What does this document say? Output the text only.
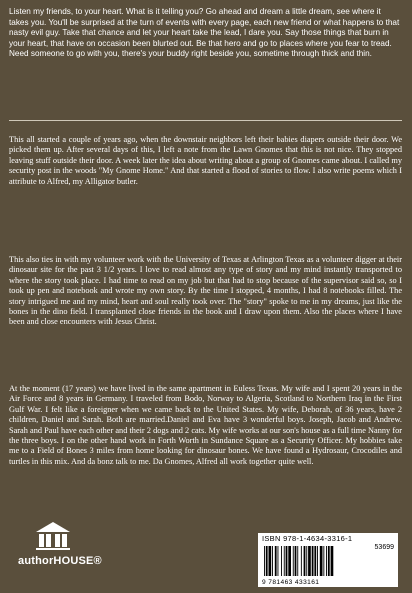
Listen my friends, to your heart. What is it telling you? Go ahead and dream a little dream, see where it takes you. You'll be surprised at the turn of events with every page, each new friend or what happens to that nasty evil guy. Take that chance and let your heart take the lead, I dare you. Say those things that burn in your heart, that have on occasion been blurted out. Be that hero and go to places where you fear to tread. Need someone to go with you, there's your buddy right beside you, sometime through thick and thin.

This all started a couple of years ago, when the downstair neighbors left their babies diapers outside their door. We picked them up. After several days of this, I left a note from the Lawn Gnomes that this is not nice. They stopped leaving stuff outside their door. A week later the idea about writing about a group of Gnomes came about. I called my security post in the woods "My Gnome Home." And that started a flood of stories to flow. I also write poems which I attribute to Alfred, my Alligator butler.

This also ties in with my volunteer work with the University of Texas at Arlington Texas as a volunteer digger at their dinosaur site for the past 3 1/2 years. I love to read almost any type of story and my mind instantly transported to where the story took place. I had time to read on my job but that had to stop because of the supervisor said so, so I took up pen and notebook and wrote my own story. By the time I stopped, 4 months, I had 8 notebooks filled. The story intrigued me and my mind, heart and soul really took over. The "story" spoke to me in my dreams, just like the bones in the dino field. I transplanted close friends in the book and I draw upon them. Also the places where I have been and close encounters with Jesus Christ.

At the moment (17 years) we have lived in the same apartment in Euless Texas. My wife and I spent 20 years in the Air Force and 8 years in Germany. I traveled from Bodo, Norway to Algeria, Scotland to Northern Iraq in the First Gulf War. I felt like a foreigner when we came back to the United States. My wife, Deborah, of 36 years, have 2 children, Daniel and Sarah. Both are married.Daniel and Eva have 3 wonderful boys. Joseph, Jacob and Andrew. Sarah and Paul have each other and their 2 dogs and 2 cats. My wife works at our son's house as a full time Nanny for the three boys. I on the other hand work in Forth Worth in Sundance Square as a Security Officer. My hobbies take me to a Field of Bones 3 miles from home looking for dinosaur bones. We have found a Hydrosaur, Crocodiles and turtles in this mix. And da bonz talk to me. Da Gnomes, Alfred all work together quite well.

authorHOUSE®
ISBN 978-1-4634-3316-1
53699
9 781463 433161
